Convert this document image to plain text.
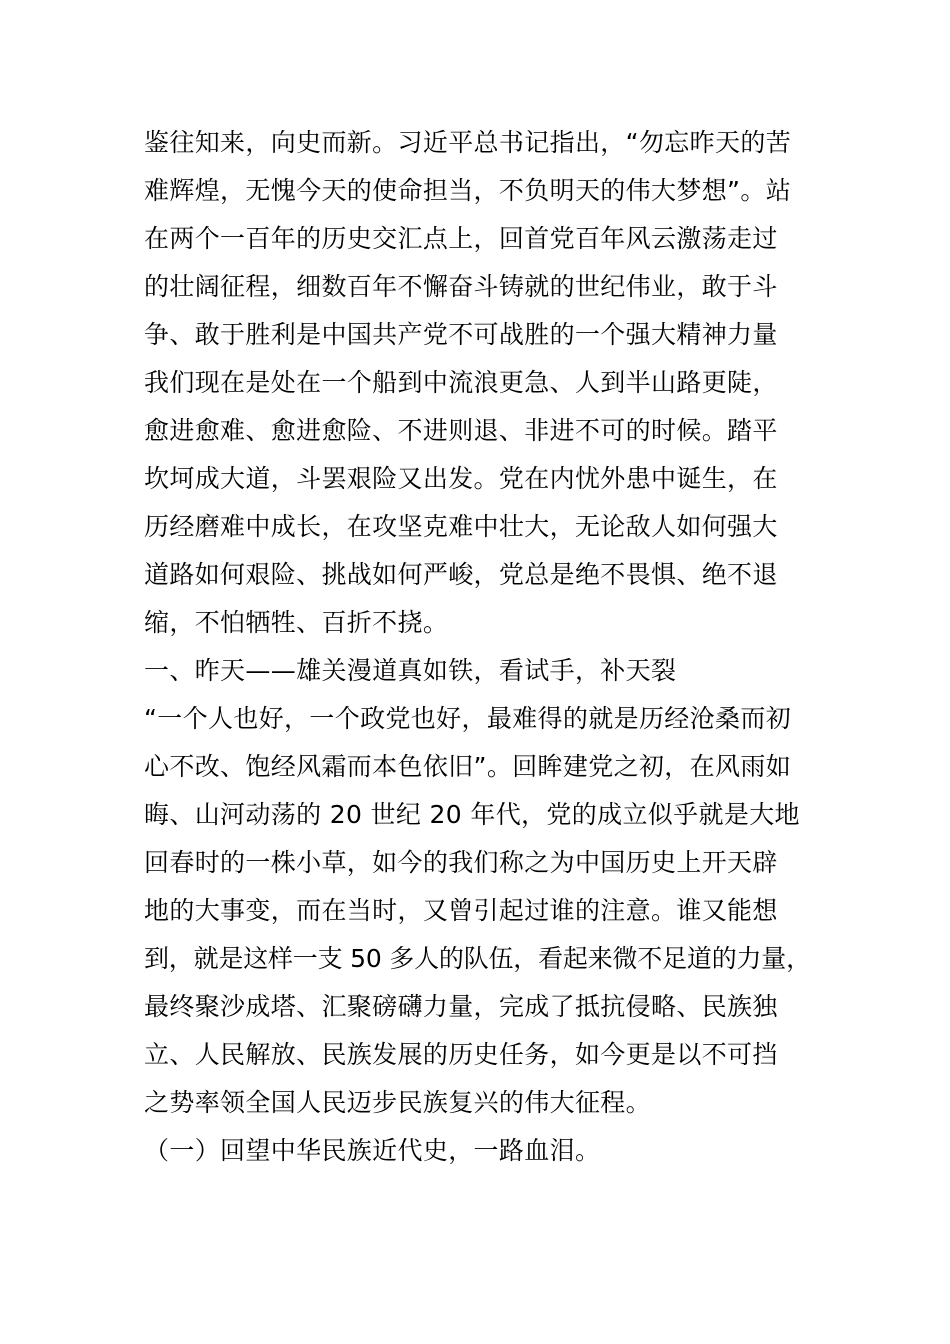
鉴往知来，向史而新。习近平总书记指出，“勿忘昨天的苦
难辉煌，无愧今天的使命担当，不负明天的伟大梦想”。站
在两个一百年的历史交汇点上，回首党百年风云激荡走过
的壮阔征程，细数百年不懈奋斗铸就的世纪伟业，敢于斗
争、敢于胜利是中国共产党不可战胜的一个强大精神力量
我们现在是处在一个船到中流浪更急、人到半山路更陡，
愈进愈难、愈进愈险、不进则退、非进不可的时候。踏平
坎坷成大道，斗罢艰险又出发。党在内忧外患中诞生，在
历经磨难中成长，在攻坚克难中壮大，无论敌人如何强大
道路如何艰险、挑战如何严峻，党总是绝不畏惧、绝不退
缩，不怕牺牲、百折不挠。
一、昨天——雄关漫道真如铁，看试手，补天裂
“一个人也好，一个政党也好，最难得的就是历经沧桑而初
心不改、饱经风霜而本色依旧”。回眸建党之初，在风雨如
晦、山河动荡的 20 世纪 20 年代，党的成立似乎就是大地
回春时的一株小草，如今的我们称之为中国历史上开天辟
地的大事变，而在当时，又曾引起过谁的注意。谁又能想
到，就是这样一支 50 多人的队伍，看起来微不足道的力量，
最终聚沙成塔、汇聚磅礴力量，完成了抵抗侵略、民族独
立、人民解放、民族发展的历史任务，如今更是以不可挡
之势率领全国人民迈步民族复兴的伟大征程。
（一）回望中华民族近代史，一路血泪。
